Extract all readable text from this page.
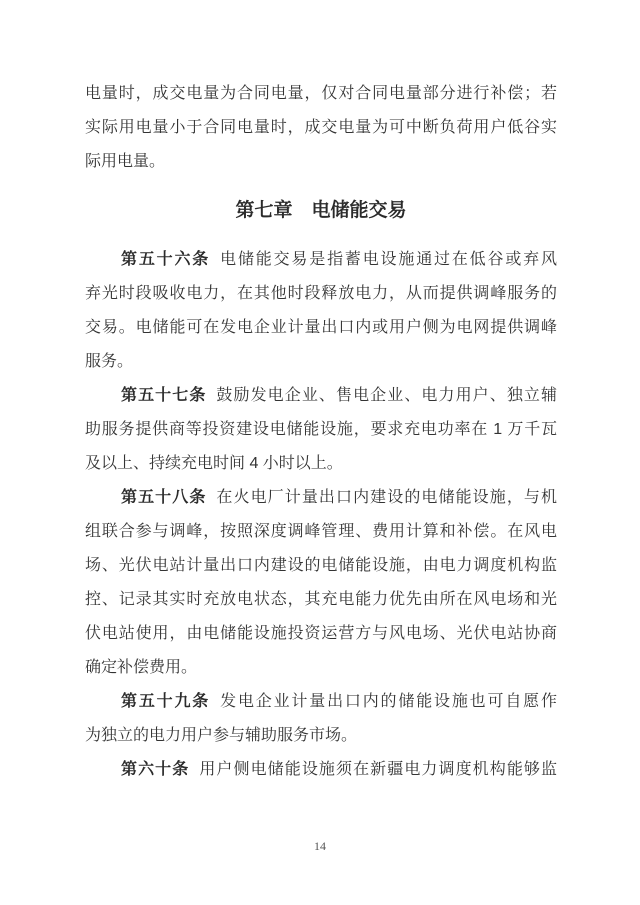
电量时，成交电量为合同电量，仅对合同电量部分进行补偿；若
实际用电量小于合同电量时，成交电量为可中断负荷用户低谷实
际用电量。
第七章　电储能交易
第五十六条 电储能交易是指蓄电设施通过在低谷或弃风
弃光时段吸收电力，在其他时段释放电力，从而提供调峰服务的
交易。电储能可在发电企业计量出口内或用户侧为电网提供调峰
服务。
第五十七条 鼓励发电企业、售电企业、电力用户、独立辅
助服务提供商等投资建设电储能设施，要求充电功率在 1 万千瓦
及以上、持续充电时间 4 小时以上。
第五十八条 在火电厂计量出口内建设的电储能设施，与机
组联合参与调峰，按照深度调峰管理、费用计算和补偿。在风电
场、光伏电站计量出口内建设的电储能设施，由电力调度机构监
控、记录其实时充放电状态，其充电能力优先由所在风电场和光
伏电站使用，由电储能设施投资运营方与风电场、光伏电站协商
确定补偿费用。
第五十九条 发电企业计量出口内的储能设施也可自愿作
为独立的电力用户参与辅助服务市场。
第六十条 用户侧电储能设施须在新疆电力调度机构能够监
14
